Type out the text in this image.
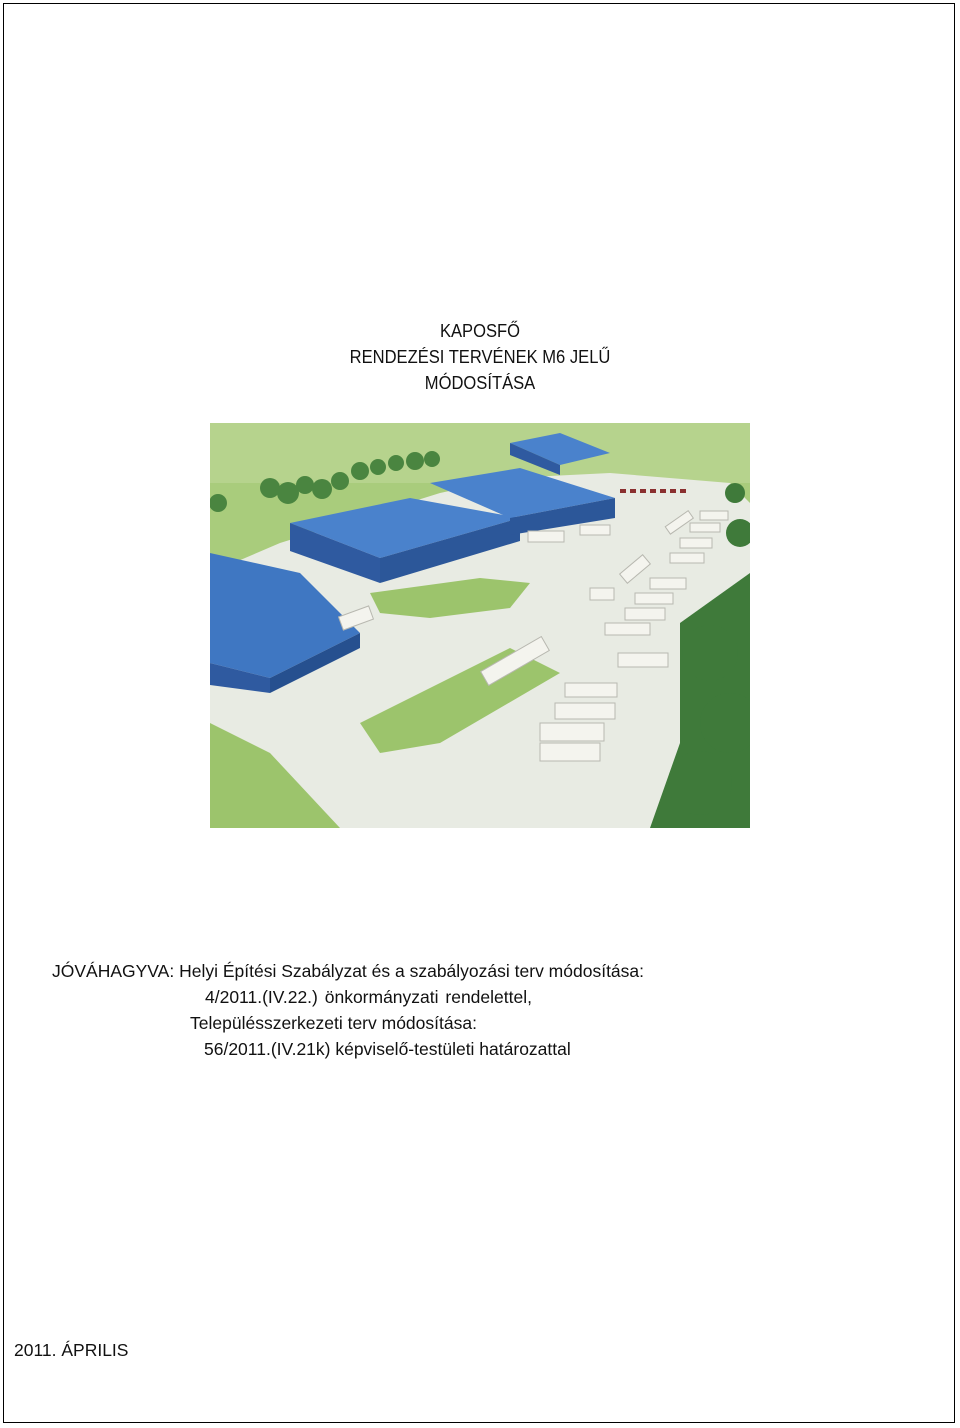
KAPOSFŐ
RENDEZÉSI TERVÉNEK M6 JELŰ
MÓDOSÍTÁSA
JÓVÁHAGYVA: Helyi Építési Szabályzat és a szabályozási terv módosítása:
4/2011.(IV.22.) önkormányzati rendelettel,
Településszerkezeti terv módosítása:
56/2011.(IV.21k) képviselő-testületi határozattal
2011. ÁPRILIS
